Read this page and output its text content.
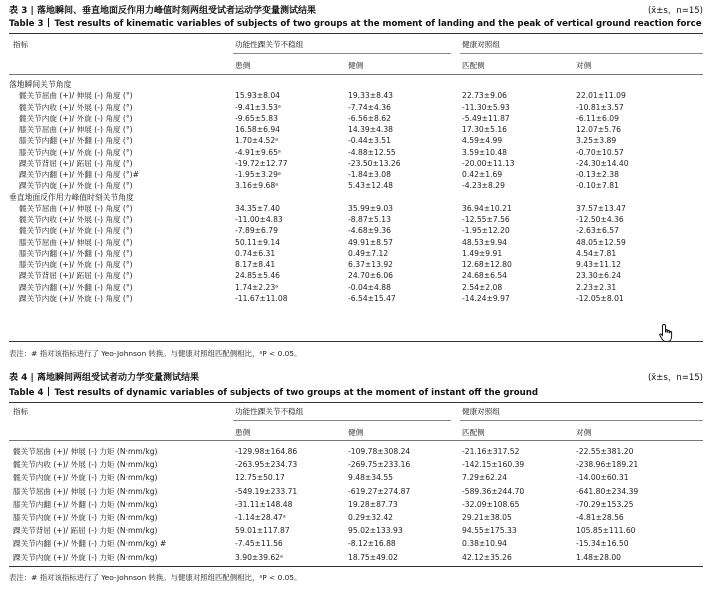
表 3 | 落地瞬间、垂直地面反作用力峰值时刻两组受试者运动学变量测试结果	(x̄±s，n=15)
Table 3 Test results of kinematic variables of subjects of two groups at the moment of landing and the peak of vertical ground reaction force
指标	功能性踝关节不稳组	健康对照组
患侧	健侧	匹配侧	对侧
落地瞬间关节角度
髋关节屈曲 (+)/ 伸展 (-) 角度 (°)	15.93±8.04	19.33±8.43	22.73±9.06	22.01±11.09
髋关节内收 (+)/ 外展 (-) 角度 (°)	-9.41±3.53ᵃ	-7.74±4.36	-11.30±5.93	-10.81±3.57
髋关节内旋 (+)/ 外旋 (-) 角度 (°)	-9.65±5.83	-6.56±8.62	-5.49±11.87	-6.11±6.09
膝关节屈曲 (+)/ 伸展 (-) 角度 (°)	16.58±6.94	14.39±4.38	17.30±5.16	12.07±5.76
膝关节内翻 (+)/ 外翻 (-) 角度 (°)	1.70±4.52ᵃ	-0.44±3.51	4.59±4.99	3.25±3.89
膝关节内旋 (+)/ 外旋 (-) 角度 (°)	-4.91±9.65ᵃ	-4.88±12.55	3.59±10.48	-0.70±10.57
踝关节背屈 (+)/ 跖屈 (-) 角度 (°)	-19.72±12.77	-23.50±13.26	-20.00±11.13	-24.30±14.40
踝关节内翻 (+)/ 外翻 (-) 角度 (°)#	-1.95±3.29ᵃ	-1.84±3.08	0.42±1.69	-0.13±2.38
踝关节内旋 (+)/ 外旋 (-) 角度 (°)	3.16±9.68ᵃ	5.43±12.48	-4.23±8.29	-0.10±7.81
垂直地面反作用力峰值时刻关节角度
髋关节屈曲 (+)/ 伸展 (-) 角度 (°)	34.35±7.40	35.99±9.03	36.94±10.21	37.57±13.47
髋关节内收 (+)/ 外展 (-) 角度 (°)	-11.00±4.83	-8.87±5.13	-12.55±7.56	-12.50±4.36
髋关节内旋 (+)/ 外旋 (-) 角度 (°)	-7.89±6.79	-4.68±9.36	-1.95±12.20	-2.63±6.57
膝关节屈曲 (+)/ 伸展 (-) 角度 (°)	50.11±9.14	49.91±8.57	48.53±9.94	48.05±12.59
膝关节内翻 (+)/ 外翻 (-) 角度 (°)	0.74±6.31	0.49±7.12	1.49±9.91	4.54±7.81
膝关节内旋 (+)/ 外旋 (-) 角度 (°)	8.17±8.41	6.37±13.92	12.68±12.80	9.43±11.12
踝关节背屈 (+)/ 跖屈 (-) 角度 (°)	24.85±5.46	24.70±6.06	24.68±6.54	23.30±6.24
踝关节内翻 (+)/ 外翻 (-) 角度 (°)	1.74±2.23ᵃ	-0.04±4.88	2.54±2.08	2.23±2.31
踝关节内旋 (+)/ 外旋 (-) 角度 (°)	-11.67±11.08	-6.54±15.47	-14.24±9.97	-12.05±8.01
表注：# 指对该指标进行了 Yeo-Johnson 转换。与健康对照组匹配侧相比，ᵃP < 0.05。
表 4 | 离地瞬间两组受试者动力学变量测试结果	(x̄±s，n=15)
Table 4 Test results of dynamic variables of subjects of two groups at the moment of instant off the ground
指标	功能性踝关节不稳组	健康对照组
患侧	健侧	匹配侧	对侧
髋关节屈曲 (+)/ 伸展 (-) 力矩 (N·mm/kg)	-129.98±164.86	-109.78±308.24	-21.16±317.52	-22.55±381.20
髋关节内收 (+)/ 外展 (-) 力矩 (N·mm/kg)	-263.95±234.73	-269.75±233.16	-142.15±160.39	-238.96±189.21
髋关节内旋 (+)/ 外旋 (-) 力矩 (N·mm/kg)	12.75±50.17	9.48±34.55	7.29±62.24	-14.00±60.31
膝关节屈曲 (+)/ 伸展 (-) 力矩 (N·mm/kg)	-549.19±233.71	-619.27±274.87	-589.36±244.70	-641.80±234.39
膝关节内翻 (+)/ 外翻 (-) 力矩 (N·mm/kg)	-31.11±148.48	19.28±87.73	-32.09±108.65	-70.29±153.25
膝关节内旋 (+)/ 外旋 (-) 力矩 (N·mm/kg)	-1.14±28.47ᵃ	0.29±32.42	29.21±38.05	-4.81±28.56
踝关节背屈 (+)/ 跖屈 (-) 力矩 (N·mm/kg)	59.01±117.87	95.02±133.93	94.55±175.33	105.85±111.60
踝关节内翻 (+)/ 外翻 (-) 力矩 (N·mm/kg) #	-7.45±11.56	-8.12±16.88	0.38±10.94	-15.34±16.50
踝关节内旋 (+)/ 外旋 (-) 力矩 (N·mm/kg)	3.90±39.62ᵃ	18.75±49.02	42.12±35.26	1.48±28.00
表注：# 指对该指标进行了 Yeo-Johnson 转换。与健康对照组匹配侧相比，ᵃP < 0.05。
